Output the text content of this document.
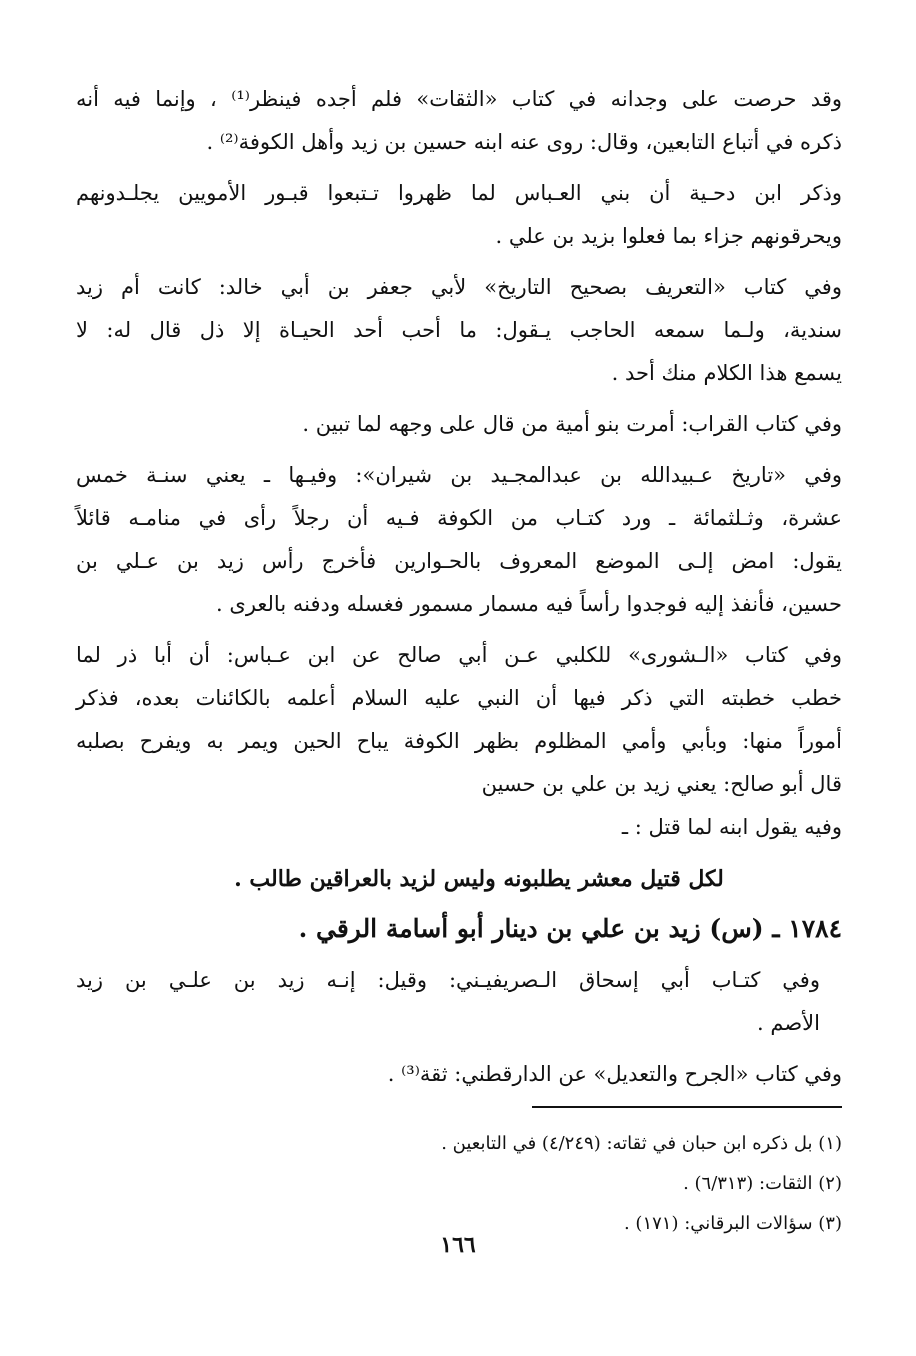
وقد حرصت على وجدانه في كتاب «الثقات» فلم أجده فينظر⁽¹⁾ ، وإنما فيه أنه
ذكره في أتباع التابعين، وقال: روى عنه ابنه حسين بن زيد وأهل الكوفة⁽²⁾ .
وذكر ابن دحـية أن بني العـباس لما ظهروا تـتبعوا قبـور الأمويين يجلـدونهم
ويحرقونهم جزاء بما فعلوا بزيد بن علي .
وفي كتاب «التعريف بصحيح التاريخ» لأبي جعفر بن أبي خالد: كانت أم زيد
سندية، ولـما سمعه الحاجب يـقول: ما أحب أحد الحيـاة إلا ذل قال له: لا
يسمع هذا الكلام منك أحد .
وفي كتاب القراب: أمرت بنو أمية من قال على وجهه لما تبين .
وفي «تاريخ عـبيدالله بن عبدالمجـيد بن شيران»: وفيـها ـ يعني سنـة خمس
عشرة، وثـلثمائة ـ ورد كتـاب من الكوفة فـيه أن رجلاً رأى في منامـه قائلاً
يقول: امض إلـى الموضع المعروف بالحـوارين فأخرج رأس زيد بن عـلي بن
حسين، فأنفذ إليه فوجدوا رأساً فيه مسمار مسمور فغسله ودفنه بالعرى .
وفي كتاب «الـشورى» للكلبي عـن أبي صالح عن ابن عـباس: أن أبا ذر لما
خطب خطبته التي ذكر فيها أن النبي عليه السلام أعلمه بالكائنات بعده، فذكر
أموراً منها: وبأبي وأمي المظلوم بظهر الكوفة يباح الحين ويمر به ويفرح بصلبه
قال أبو صالح: يعني زيد بن علي بن حسين
وفيه يقول ابنه لما قتل : ـ
لكل قتيل معشر يطلبونه وليس لزيد بالعراقين طالب .
١٧٨٤ ـ (س) زيد بن علي بن دينار أبو أسامة الرقي .
وفي كتـاب أبي إسحاق الـصريفيـني: وقيل: إنـه زيد بن علـي بن زيد
الأصم .
وفي كتاب «الجرح والتعديل» عن الدارقطني: ثقة⁽³⁾ .
(١) بل ذكره ابن حبان في ثقاته: (٤/٢٤٩) في التابعين .
(٢) الثقات: (٦/٣١٣) .
(٣) سؤالات البرقاني: (١٧١) .
١٦٦
